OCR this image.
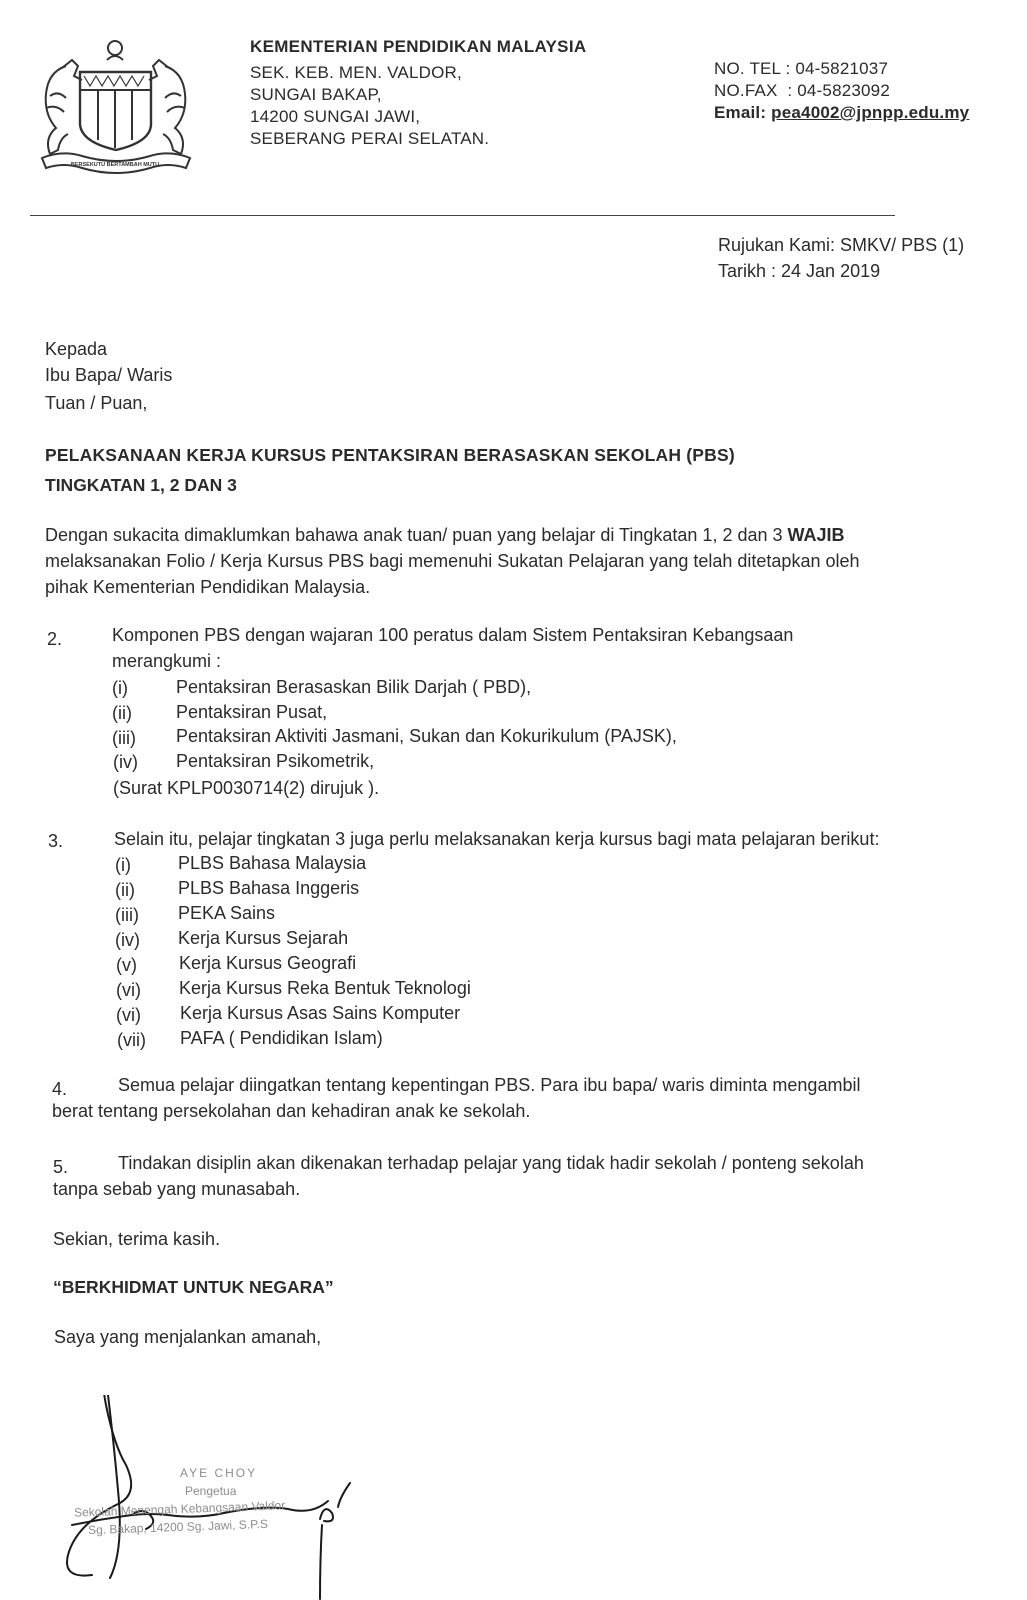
BERSEKUTU BERTAMBAH MUTU
KEMENTERIAN PENDIDIKAN MALAYSIA
SEK. KEB. MEN. VALDOR,
SUNGAI BAKAP,
14200 SUNGAI JAWI,
SEBERANG PERAI SELATAN.
NO. TEL : 04-5821037
NO.FAX  : 04-5823092
Email: pea4002@jpnpp.edu.my
Rujukan Kami: SMKV/ PBS (1)
Tarikh : 24 Jan 2019
Kepada
Ibu Bapa/ Waris
Tuan / Puan,
PELAKSANAAN KERJA KURSUS PENTAKSIRAN BERASASKAN SEKOLAH (PBS)
TINGKATAN 1, 2 DAN 3
Dengan sukacita dimaklumkan bahawa anak tuan/ puan yang belajar di Tingkatan 1, 2 dan 3 WAJIB
melaksanakan Folio / Kerja Kursus PBS bagi memenuhi Sukatan Pelajaran yang telah ditetapkan oleh
pihak Kementerian Pendidikan Malaysia.
2.	Komponen PBS dengan wajaran 100 peratus dalam Sistem Pentaksiran Kebangsaan
merangkumi :
(i)	Pentaksiran Berasaskan Bilik Darjah ( PBD),
(ii) Pentaksiran Pusat,
(iii) Pentaksiran Aktiviti Jasmani, Sukan dan Kokurikulum (PAJSK),
(iv) Pentaksiran Psikometrik,
(Surat KPLP0030714(2) dirujuk ).
3.	Selain itu, pelajar tingkatan 3 juga perlu melaksanakan kerja kursus bagi mata pelajaran berikut:
(i)	PLBS Bahasa Malaysia
(ii) PLBS Bahasa Inggeris
(iii) PEKA Sains
(iv) Kerja Kursus Sejarah
(v) Kerja Kursus Geografi
(vi) Kerja Kursus Reka Bentuk Teknologi
(vi) Kerja Kursus Asas Sains Komputer
(vii) PAFA ( Pendidikan Islam)
4.	Semua pelajar diingatkan tentang kepentingan PBS. Para ibu bapa/ waris diminta mengambil
berat tentang persekolahan dan kehadiran anak ke sekolah.
5.	Tindakan disiplin akan dikenakan terhadap pelajar yang tidak hadir sekolah / ponteng sekolah
tanpa sebab yang munasabah.
Sekian, terima kasih.
“BERKHIDMAT UNTUK NEGARA”
Saya yang menjalankan amanah,
AYE CHOY
Pengetua
Sekolah Menengah Kebangsaan Valdor
Sg. Bakap, 14200 Sg. Jawi, S.P.S
